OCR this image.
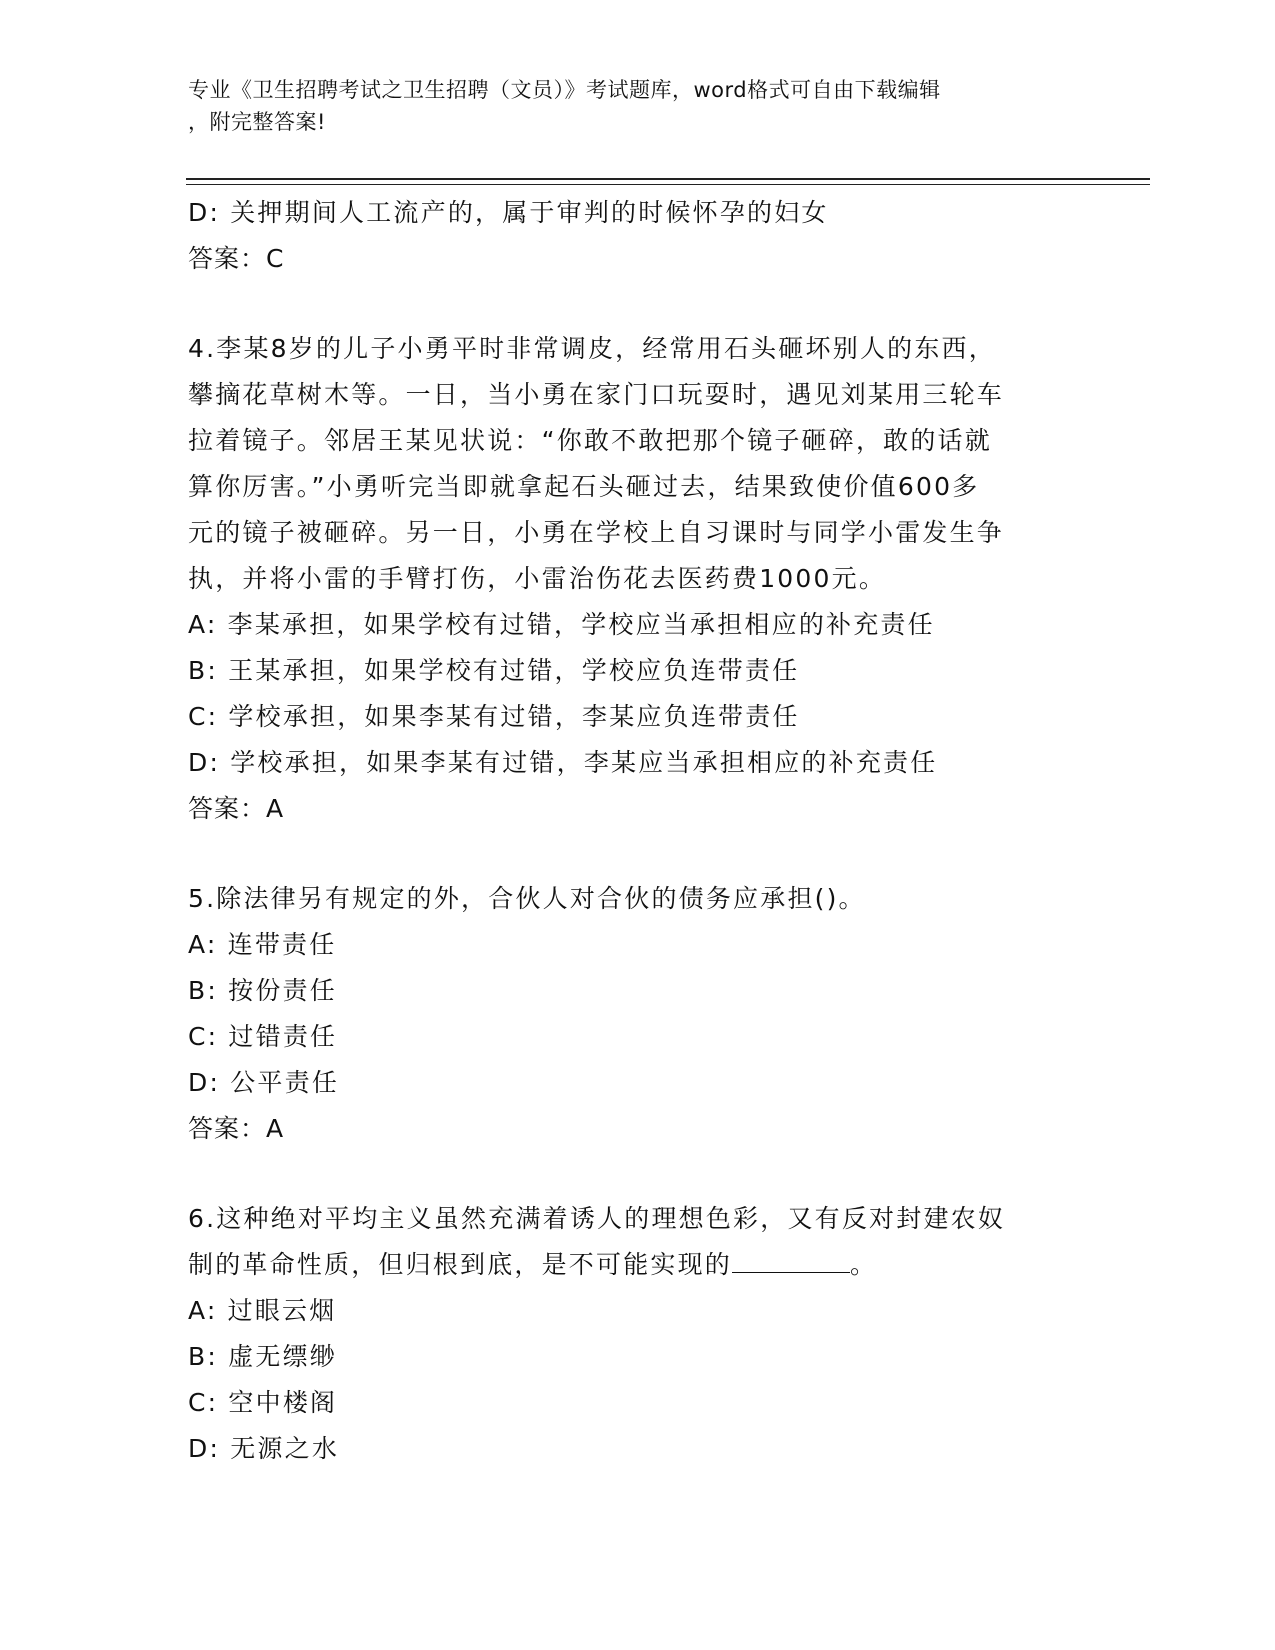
专业《卫生招聘考试之卫生招聘（文员）》考试题库，word格式可自由下载编辑
，附完整答案!
D: 关押期间人工流产的，属于审判的时候怀孕的妇女
答案：C
4.李某8岁的儿子小勇平时非常调皮，经常用石头砸坏别人的东西，
攀摘花草树木等。一日，当小勇在家门口玩耍时，遇见刘某用三轮车
拉着镜子。邻居王某见状说：“你敢不敢把那个镜子砸碎，敢的话就
算你厉害。”小勇听完当即就拿起石头砸过去，结果致使价值600多
元的镜子被砸碎。另一日，小勇在学校上自习课时与同学小雷发生争
执，并将小雷的手臂打伤，小雷治伤花去医药费1000元。
A: 李某承担，如果学校有过错，学校应当承担相应的补充责任
B: 王某承担，如果学校有过错，学校应负连带责任
C: 学校承担，如果李某有过错，李某应负连带责任
D: 学校承担，如果李某有过错，李某应当承担相应的补充责任
答案：A
5.除法律另有规定的外，合伙人对合伙的债务应承担()。
A: 连带责任
B: 按份责任
C: 过错责任
D: 公平责任
答案：A
6.这种绝对平均主义虽然充满着诱人的理想色彩，又有反对封建农奴
制的革命性质，但归根到底，是不可能实现的	。
A: 过眼云烟
B: 虚无缥缈
C: 空中楼阁
D: 无源之水
